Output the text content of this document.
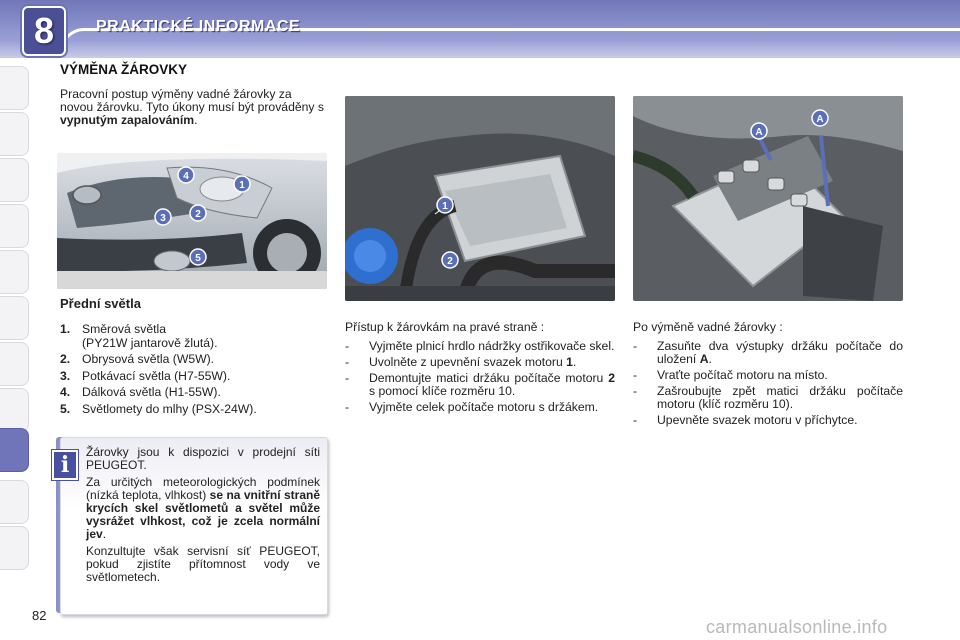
8	PRAKTICKÉ INFORMACE
VÝMĚNA ŽÁROVKY
Pracovní postup výměny vadné žárovky za novou žárovku. Tyto úkony musí být prováděny s vypnutým zapalováním.
1
2
3
4
5
Přední světla
1. Směrová světla
(PY21W jantarově žlutá).
2. Obrysová světla (W5W).
3. Potkávací světla (H7-55W).
4. Dálková světla (H1-55W).
5. Světlomety do mlhy (PSX-24W).
i	Žárovky jsou k dispozici v prodejní síti PEUGEOT.
Za určitých meteorologických podmínek (nízká teplota, vlhkost) se na vnitřní straně krycích skel světlometů a světel může vysrážet vlhkost, což je zcela normální jev.
Konzultujte však servisní síť PEUGEOT, pokud zjistíte přítomnost vody ve světlometech.
1
2
A
A
Přístup k žárovkám na pravé straně :
- Vyjměte plnicí hrdlo nádržky ostřikovače skel.
- Uvolněte z upevnění svazek motoru 1.
- Demontujte matici držáku počítače motoru 2 s pomocí klíče rozměru 10.
- Vyjměte celek počítače motoru s držákem.
Po výměně vadné žárovky :
- Zasuňte dva výstupky držáku počítače do uložení A.
- Vraťte počítač motoru na místo.
- Zašroubujte zpět matici držáku počítače motoru (klíč rozměru 10).
- Upevněte svazek motoru v příchytce.
82
carmanualsonline.info
